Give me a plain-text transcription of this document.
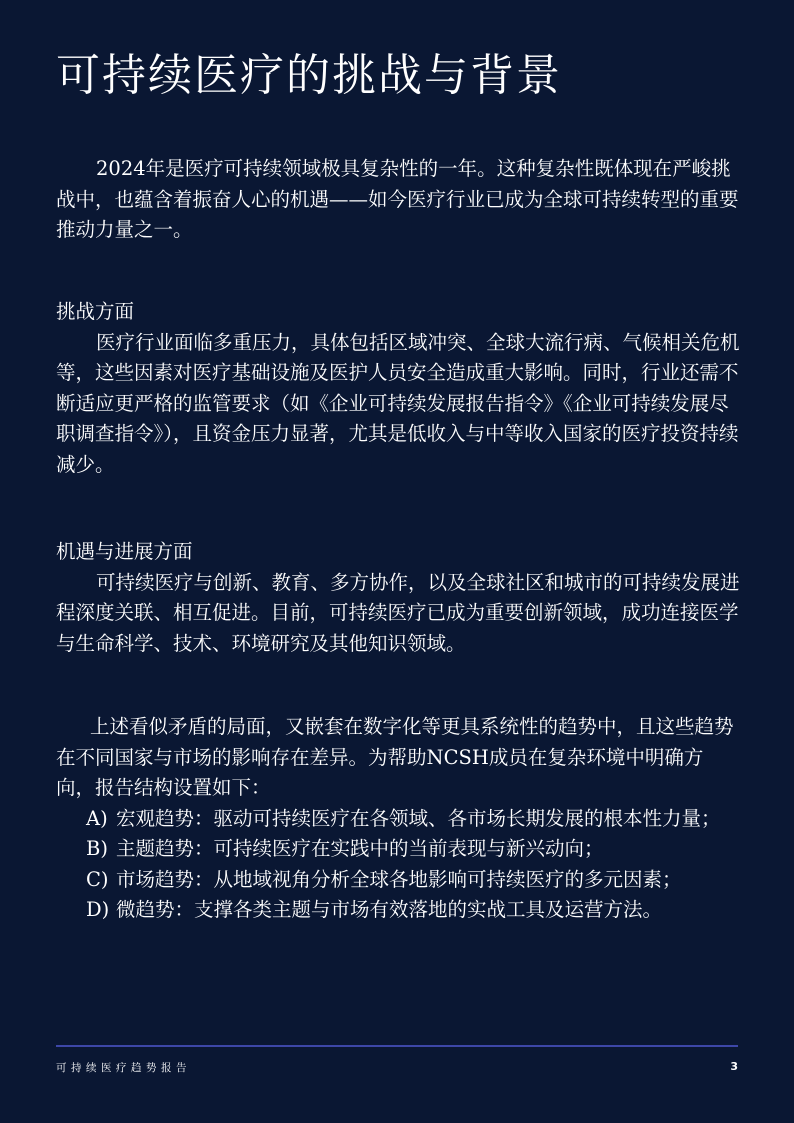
可持续医疗的挑战与背景

2024年是医疗可持续领域极具复杂性的一年。这种复杂性既体现在严峻挑战中，也蕴含着振奋人心的机遇——如今医疗行业已成为全球可持续转型的重要推动力量之一。

挑战方面

医疗行业面临多重压力，具体包括区域冲突、全球大流行病、气候相关危机等，这些因素对医疗基础设施及医护人员安全造成重大影响。同时，行业还需不断适应更严格的监管要求（如《企业可持续发展报告指令》《企业可持续发展尽职调查指令》），且资金压力显著，尤其是低收入与中等收入国家的医疗投资持续减少。

机遇与进展方面

可持续医疗与创新、教育、多方协作，以及全球社区和城市的可持续发展进程深度关联、相互促进。目前，可持续医疗已成为重要创新领域，成功连接医学与生命科学、技术、环境研究及其他知识领域。

上述看似矛盾的局面，又嵌套在数字化等更具系统性的趋势中，且这些趋势在不同国家与市场的影响存在差异。为帮助NCSH成员在复杂环境中明确方向，报告结构设置如下：

A) 宏观趋势：驱动可持续医疗在各领域、各市场长期发展的根本性力量；

B) 主题趋势：可持续医疗在实践中的当前表现与新兴动向；

C) 市场趋势：从地域视角分析全球各地影响可持续医疗的多元因素；

D) 微趋势：支撑各类主题与市场有效落地的实战工具及运营方法。

可持续医疗趋势报告	3
